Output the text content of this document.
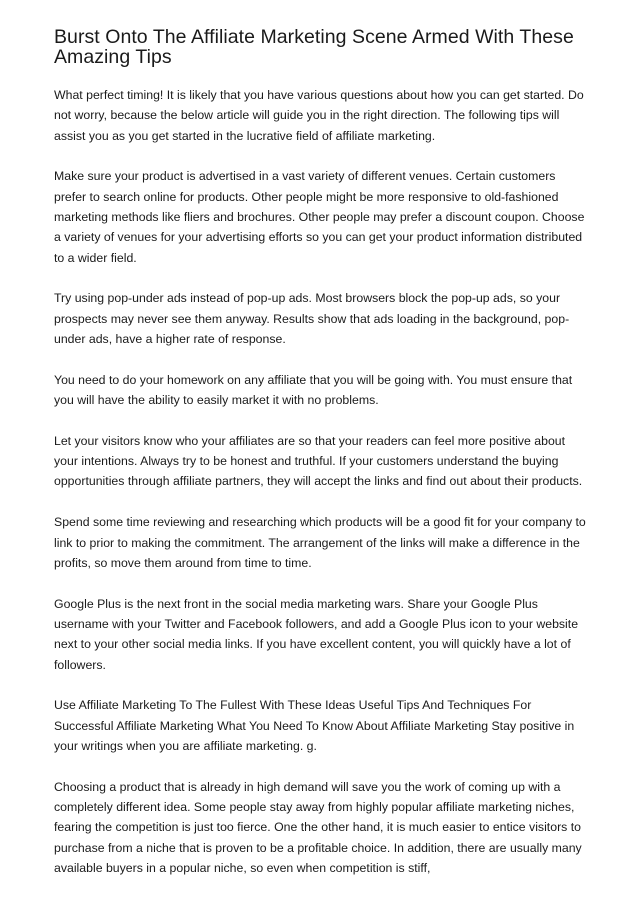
Burst Onto The Affiliate Marketing Scene Armed With These Amazing Tips

What perfect timing! It is likely that you have various questions about how you can get started. Do not worry, because the below article will guide you in the right direction. The following tips will assist you as you get started in the lucrative field of affiliate marketing.

Make sure your product is advertised in a vast variety of different venues. Certain customers prefer to search online for products. Other people might be more responsive to old-fashioned marketing methods like fliers and brochures. Other people may prefer a discount coupon. Choose a variety of venues for your advertising efforts so you can get your product information distributed to a wider field.

Try using pop-under ads instead of pop-up ads. Most browsers block the pop-up ads, so your prospects may never see them anyway. Results show that ads loading in the background, pop-under ads, have a higher rate of response.

You need to do your homework on any affiliate that you will be going with. You must ensure that you will have the ability to easily market it with no problems.

Let your visitors know who your affiliates are so that your readers can feel more positive about your intentions. Always try to be honest and truthful. If your customers understand the buying opportunities through affiliate partners, they will accept the links and find out about their products.

Spend some time reviewing and researching which products will be a good fit for your company to link to prior to making the commitment. The arrangement of the links will make a difference in the profits, so move them around from time to time.

Google Plus is the next front in the social media marketing wars. Share your Google Plus username with your Twitter and Facebook followers, and add a Google Plus icon to your website next to your other social media links. If you have excellent content, you will quickly have a lot of followers.

Use Affiliate Marketing To The Fullest With These Ideas Useful Tips And Techniques For Successful Affiliate Marketing What You Need To Know About Affiliate Marketing Stay positive in your writings when you are affiliate marketing. g.

Choosing a product that is already in high demand will save you the work of coming up with a completely different idea. Some people stay away from highly popular affiliate marketing niches, fearing the competition is just too fierce. One the other hand, it is much easier to entice visitors to purchase from a niche that is proven to be a profitable choice. In addition, there are usually many available buyers in a popular niche, so even when competition is stiff,
